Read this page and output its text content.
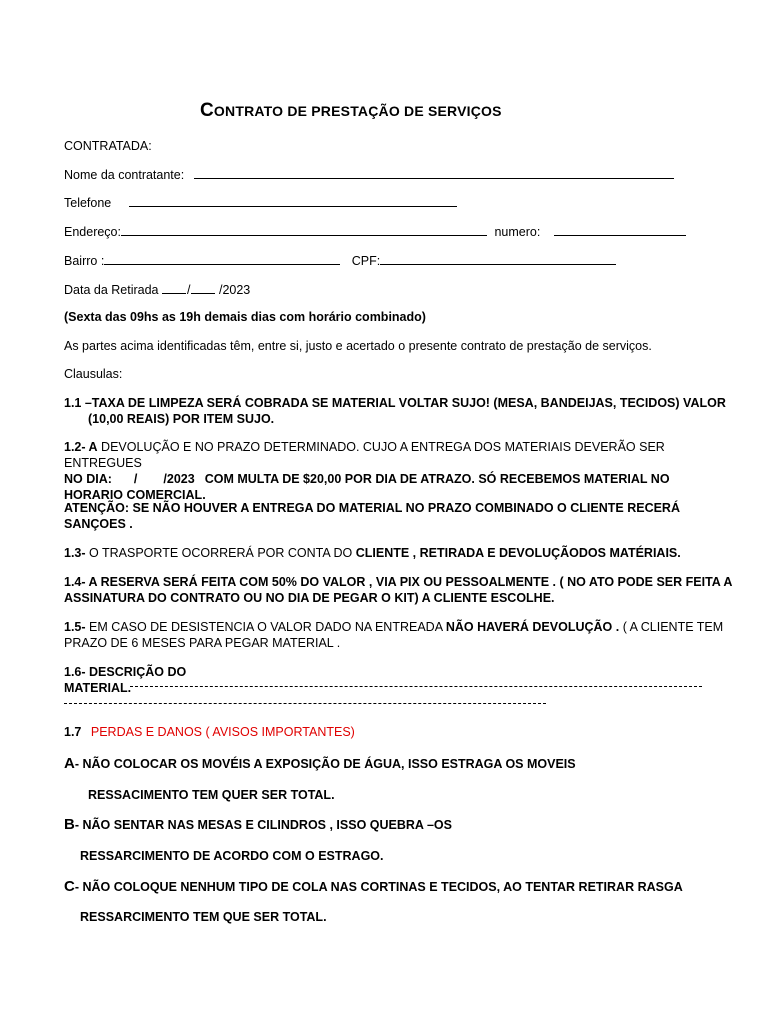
CONTRATO DE PRESTAÇÃO DE SERVIÇOS
CONTRATADA:
Nome da contratante:
Telefone
Endereço:	numero:
Bairro :	CPF:
Data da Retirada / /2023
(Sexta das 09hs as 19h demais dias com horário combinado)
As partes acima identificadas têm, entre si, justo e acertado o presente contrato de prestação de serviços.
Clausulas:
1.1 –TAXA DE LIMPEZA SERÁ COBRADA SE MATERIAL VOLTAR SUJO! (MESA, BANDEIJAS, TECIDOS) VALOR
(10,00 REAIS) POR ITEM SUJO.
1.2- A DEVOLUÇÃO E NO PRAZO DETERMINADO. CUJO A ENTREGA DOS MATERIAIS DEVERÃO SER ENTREGUES
NO DIA: / /2023 COM MULTA DE $20,00 POR DIA DE ATRAZO. SÓ RECEBEMOS MATERIAL NO
HORARIO COMERCIAL.
ATENÇÃO: SE NÃO HOUVER A ENTREGA DO MATERIAL NO PRAZO COMBINADO O CLIENTE RECERÁ
SANÇOES .
1.3- O TRASPORTE OCORRERÁ POR CONTA DO CLIENTE , RETIRADA E DEVOLUÇÃODOS MATÉRIAIS.
1.4- A RESERVA SERÁ FEITA COM 50% DO VALOR , VIA PIX OU PESSOALMENTE . ( NO ATO PODE SER FEITA A
ASSINATURA DO CONTRATO OU NO DIA DE PEGAR O KIT) A CLIENTE ESCOLHE.
1.5- EM CASO DE DESISTENCIA O VALOR DADO NA ENTREADA NÃO HAVERÁ DEVOLUÇÃO . ( A CLIENTE TEM
PRAZO DE 6 MESES PARA PEGAR MATERIAL .
1.6- DESCRIÇÃO DO
MATERIAL.
1.7 PERDAS E DANOS ( AVISOS IMPORTANTES)
A- NÃO COLOCAR OS MOVÉIS A EXPOSIÇÃO DE ÁGUA, ISSO ESTRAGA OS MOVEIS
RESSACIMENTO TEM QUER SER TOTAL.
B- NÃO SENTAR NAS MESAS E CILINDROS , ISSO QUEBRA –OS
RESSARCIMENTO DE ACORDO COM O ESTRAGO.
C- NÃO COLOQUE NENHUM TIPO DE COLA NAS CORTINAS E TECIDOS, AO TENTAR RETIRAR RASGA
RESSARCIMENTO TEM QUE SER TOTAL.
